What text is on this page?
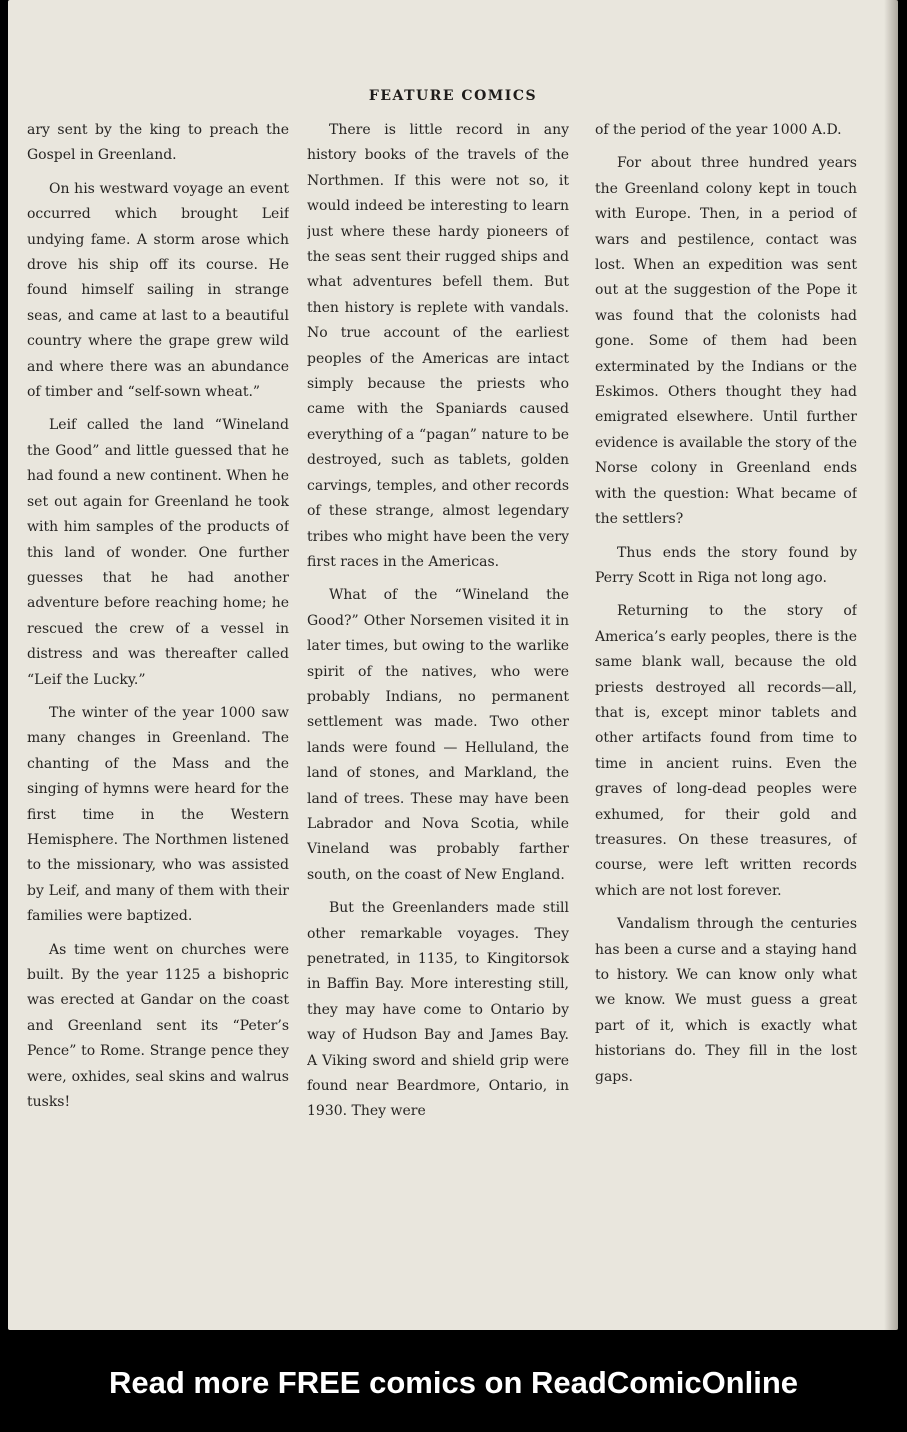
FEATURE COMICS

ary sent by the king to preach the Gospel in Greenland.

On his westward voyage an event occurred which brought Leif undying fame. A storm arose which drove his ship off its course. He found himself sailing in strange seas, and came at last to a beautiful country where the grape grew wild and where there was an abundance of timber and “self-sown wheat.”

Leif called the land “Wineland the Good” and little guessed that he had found a new continent. When he set out again for Greenland he took with him samples of the products of this land of wonder. One further guesses that he had another adventure before reaching home; he rescued the crew of a vessel in distress and was thereafter called “Leif the Lucky.”

The winter of the year 1000 saw many changes in Greenland. The chanting of the Mass and the singing of hymns were heard for the first time in the Western Hemisphere. The Northmen listened to the missionary, who was assisted by Leif, and many of them with their families were baptized.

As time went on churches were built. By the year 1125 a bishopric was erected at Gandar on the coast and Greenland sent its “Peter’s Pence” to Rome. Strange pence they were, oxhides, seal skins and walrus tusks!

There is little record in any history books of the travels of the Northmen. If this were not so, it would indeed be interesting to learn just where these hardy pioneers of the seas sent their rugged ships and what adventures befell them. But then history is replete with vandals. No true account of the earliest peoples of the Americas are intact simply because the priests who came with the Spaniards caused everything of a “pagan” nature to be destroyed, such as tablets, golden carvings, temples, and other records of these strange, almost legendary tribes who might have been the very first races in the Americas.

What of the “Wineland the Good?” Other Norsemen visited it in later times, but owing to the warlike spirit of the natives, who were probably Indians, no permanent settlement was made. Two other lands were found — Helluland, the land of stones, and Markland, the land of trees. These may have been Labrador and Nova Scotia, while Vineland was probably farther south, on the coast of New England.

But the Greenlanders made still other remarkable voyages. They penetrated, in 1135, to Kingitorsok in Baffin Bay. More interesting still, they may have come to Ontario by way of Hudson Bay and James Bay. A Viking sword and shield grip were found near Beardmore, Ontario, in 1930. They were

of the period of the year 1000 A.D.

For about three hundred years the Greenland colony kept in touch with Europe. Then, in a period of wars and pestilence, contact was lost. When an expedition was sent out at the suggestion of the Pope it was found that the colonists had gone. Some of them had been exterminated by the Indians or the Eskimos. Others thought they had emigrated elsewhere. Until further evidence is available the story of the Norse colony in Greenland ends with the question: What became of the settlers?

Thus ends the story found by Perry Scott in Riga not long ago.

Returning to the story of America’s early peoples, there is the same blank wall, because the old priests destroyed all records—all, that is, except minor tablets and other artifacts found from time to time in ancient ruins. Even the graves of long-dead peoples were exhumed, for their gold and treasures. On these treasures, of course, were left written records which are not lost forever.

Vandalism through the centuries has been a curse and a staying hand to history. We can know only what we know. We must guess a great part of it, which is exactly what historians do. They fill in the lost gaps.

Read more FREE comics on ReadComicOnline
